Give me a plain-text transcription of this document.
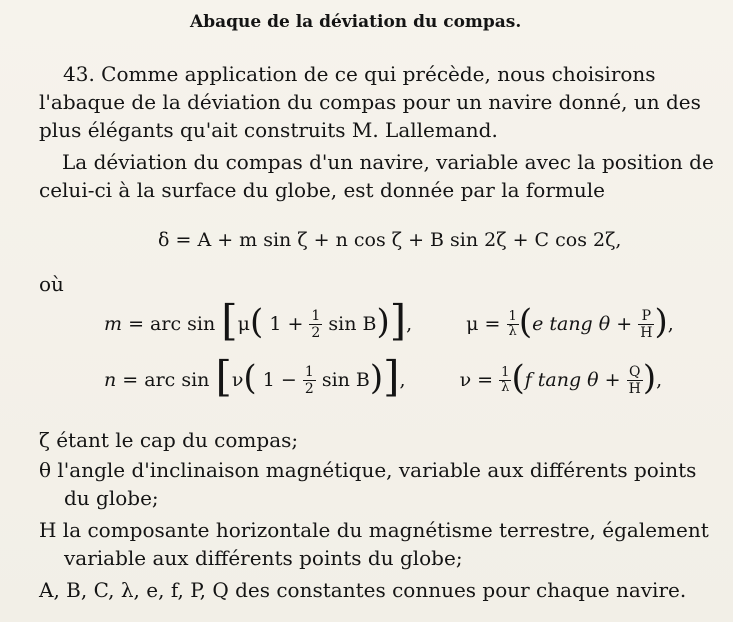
Abaque de la déviation du compas.
43. Comme application de ce qui précède, nous choisirons
l'abaque de la déviation du compas pour un navire donné, un des
plus élégants qu'ait construits M. Lallemand.
La déviation du compas d'un navire, variable avec la position de
celui-ci à la surface du globe, est donnée par la formule
δ = A + m sin ζ + n cos ζ + B sin 2ζ + C cos 2ζ,
où
m
= arc sin
[ μ (
1 +
$\frac{1}{2}$
sin B ) ] ,	μ =
$\frac{1}{\lambda}$ ( e tang θ +
$\frac{P}{H}$ ) ,
n
= arc sin
[ ν (
1 −
$\frac{1}{2}$
sin B ) ] ,	ν =
$\frac{1}{\lambda}$ ( f tang θ +
$\frac{Q}{H}$ ) ,
ζ étant le cap du compas;
θ l'angle d'inclinaison magnétique, variable aux différents points
du globe;
H la composante horizontale du magnétisme terrestre, également
variable aux différents points du globe;
A, B, C, λ, e, f, P, Q des constantes connues pour chaque navire.
